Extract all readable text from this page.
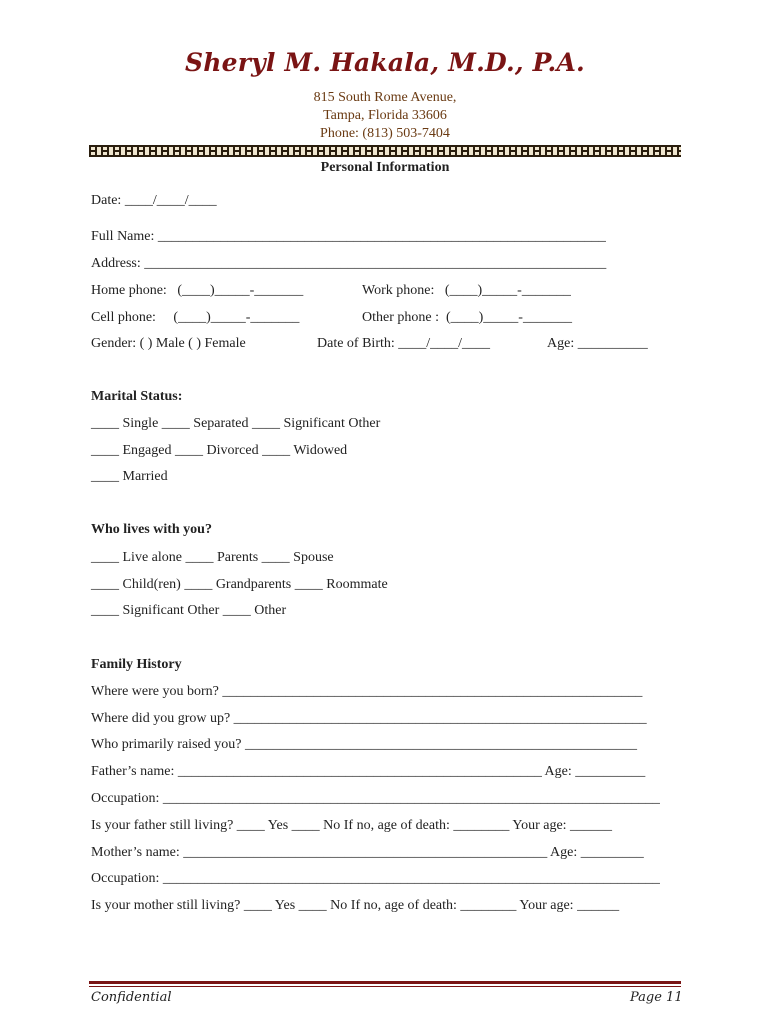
Sheryl M. Hakala, M.D., P.A.
815 South Rome Avenue,
Tampa, Florida 33606
Phone: (813) 503-7404
Personal Information
Date: ____/____/____
Full Name: ________________________________________________________________
Address: __________________________________________________________________
Home phone:   (____)_____-_______	Work phone:   (____)_____-_______
Cell phone:     (____)_____-_______	Other phone :  (____)_____-_______
Gender: ( ) Male ( ) Female	Date of Birth: ____/____/____	Age: __________
Marital Status:
____ Single ____ Separated ____ Significant Other
____ Engaged ____ Divorced ____ Widowed
____ Married
Who lives with you?
____ Live alone ____ Parents ____ Spouse
____ Child(ren) ____ Grandparents ____ Roommate
____ Significant Other ____ Other
Family History
Where were you born? ____________________________________________________________
Where did you grow up? ___________________________________________________________
Who primarily raised you? ________________________________________________________
Father’s name: ____________________________________________________ Age: __________
Occupation: _______________________________________________________________________
Is your father still living? ____ Yes ____ No If no, age of death: ________ Your age: ______
Mother’s name: ____________________________________________________ Age: _________
Occupation: _______________________________________________________________________
Is your mother still living? ____ Yes ____ No If no, age of death: ________ Your age: ______
Confidential	Page 11
